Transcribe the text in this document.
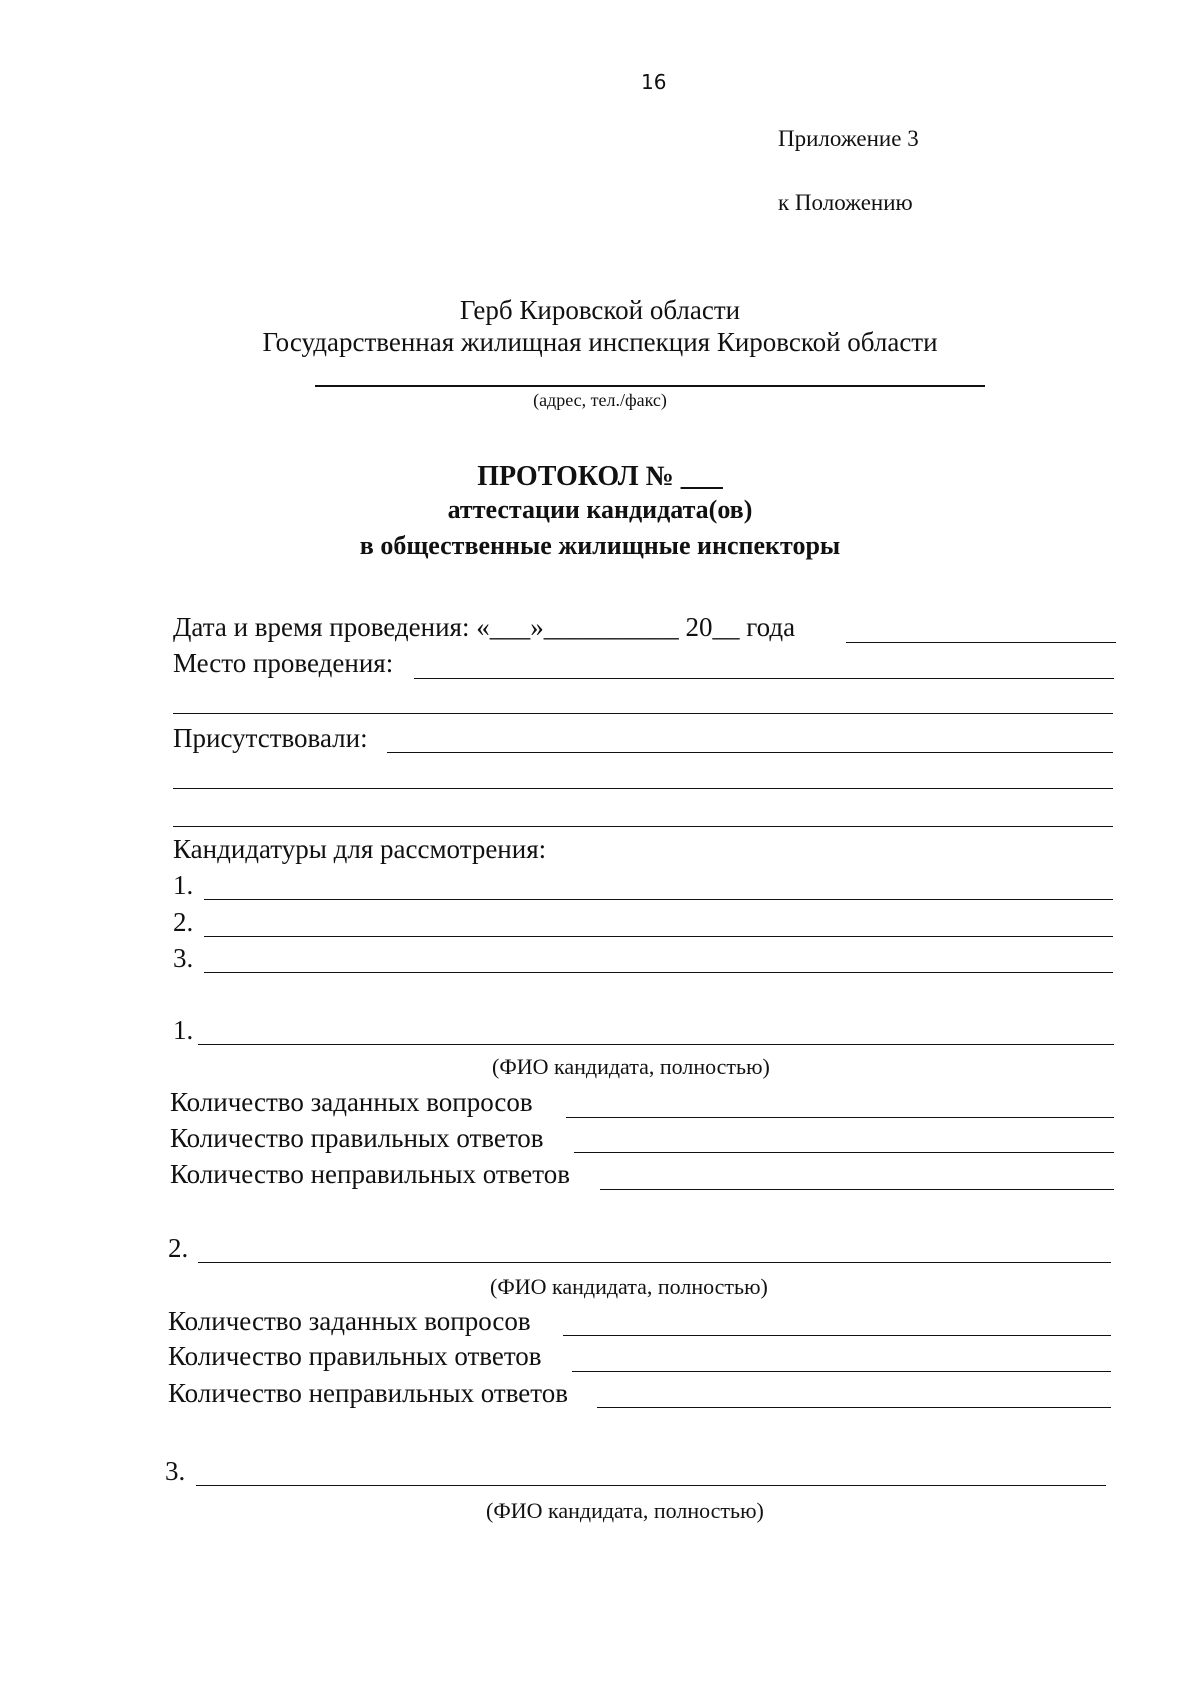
16
Приложение 3
к Положению
Герб Кировской области
Государственная жилищная инспекция Кировской области
(адрес, тел./факс)
ПРОТОКОЛ № ___
аттестации кандидата(ов)
в общественные жилищные инспекторы
Дата и время проведения: «___»__________ 20__ года
Место проведения:
Присутствовали:
Кандидатуры для рассмотрения:
1.
2.
3.
1.
(ФИО кандидата, полностью)
Количество заданных вопросов
Количество правильных ответов
Количество неправильных ответов
2.
(ФИО кандидата, полностью)
Количество заданных вопросов
Количество правильных ответов
Количество неправильных ответов
3.
(ФИО кандидата, полностью)
